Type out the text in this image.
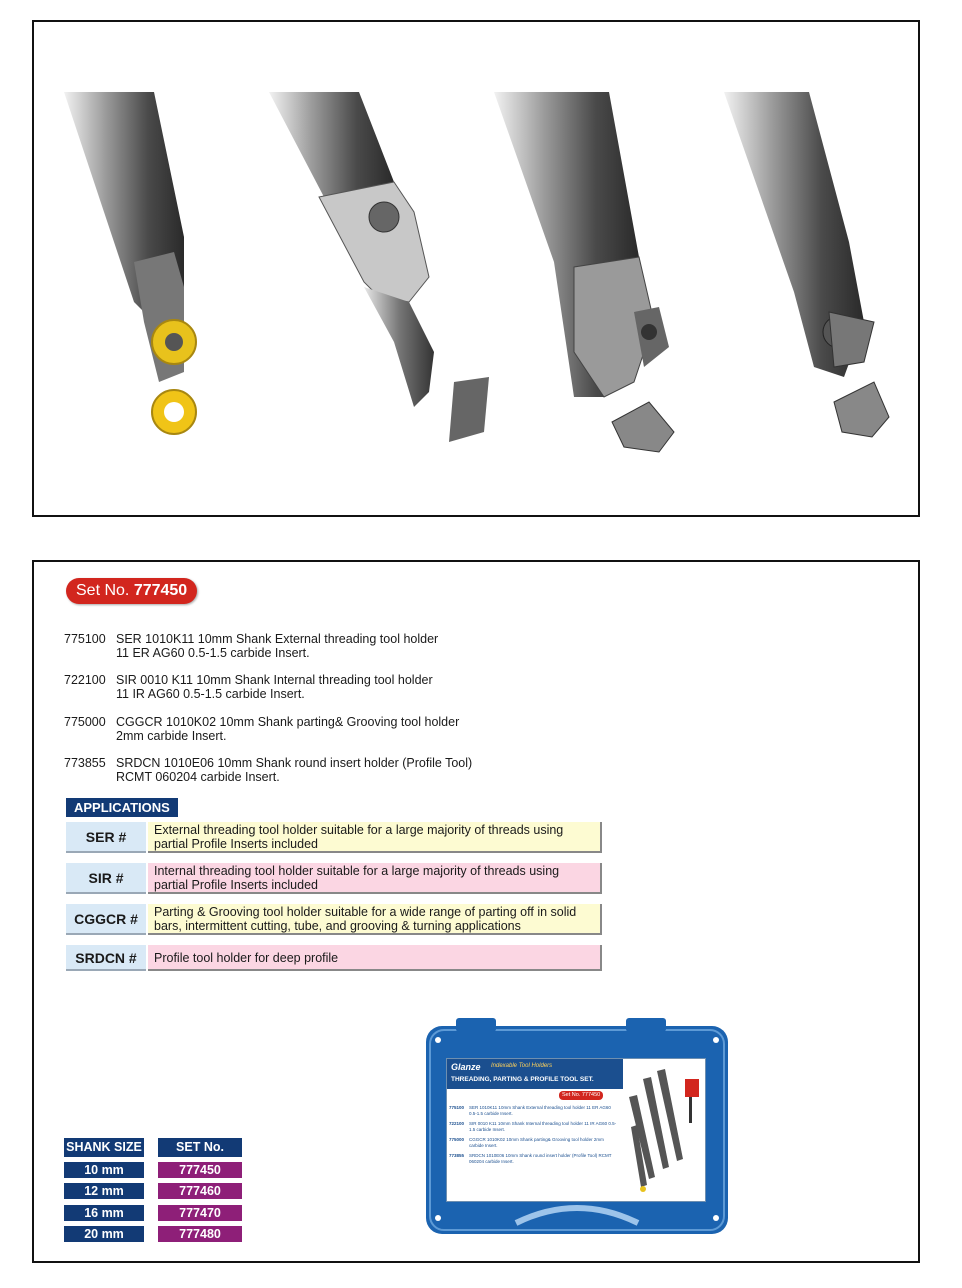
Set No. 777450
775100 SER 1010K11 10mm Shank External threading tool holder
11 ER AG60 0.5-1.5 carbide Insert.
722100 SIR 0010 K11 10mm Shank Internal threading tool holder
11 IR AG60 0.5-1.5 carbide Insert.
775000 CGGCR 1010K02 10mm Shank parting& Grooving tool holder
2mm carbide Insert.
773855 SRDCN 1010E06 10mm Shank round insert holder (Profile Tool)
RCMT 060204 carbide Insert.
APPLICATIONS
SER #	External threading tool holder suitable for a large majority of threads using partial Profile Inserts included
SIR #	Internal threading tool holder suitable for a large majority of threads using partial Profile Inserts included
CGGCR #	Parting & Grooving tool holder suitable for a wide range of parting off in solid bars, intermittent cutting, tube, and grooving & turning applications
SRDCN #	Profile tool holder for deep profile
SHANK SIZE	SET No.
10 mm	777450
12 mm	777460
16 mm	777470
20 mm	777480
Glanze Indexable Tool Holders
THREADING, PARTING & PROFILE TOOL SET.
Set No. 777450
775100 SER 1010K11 10mm Shank External threading tool holder 11 ER AG60 0.5-1.5 carbide Insert.
722100 SIR 0010 K11 10mm Shank Internal threading tool holder 11 IR AG60 0.5-1.5 carbide Insert.
775000 CGGCR 1010K02 10mm Shank parting& Grooving tool holder 2mm carbide Insert.
773855 SRDCN 1010E06 10mm Shank round insert holder (Profile Tool) RCMT 060204 carbide Insert.
